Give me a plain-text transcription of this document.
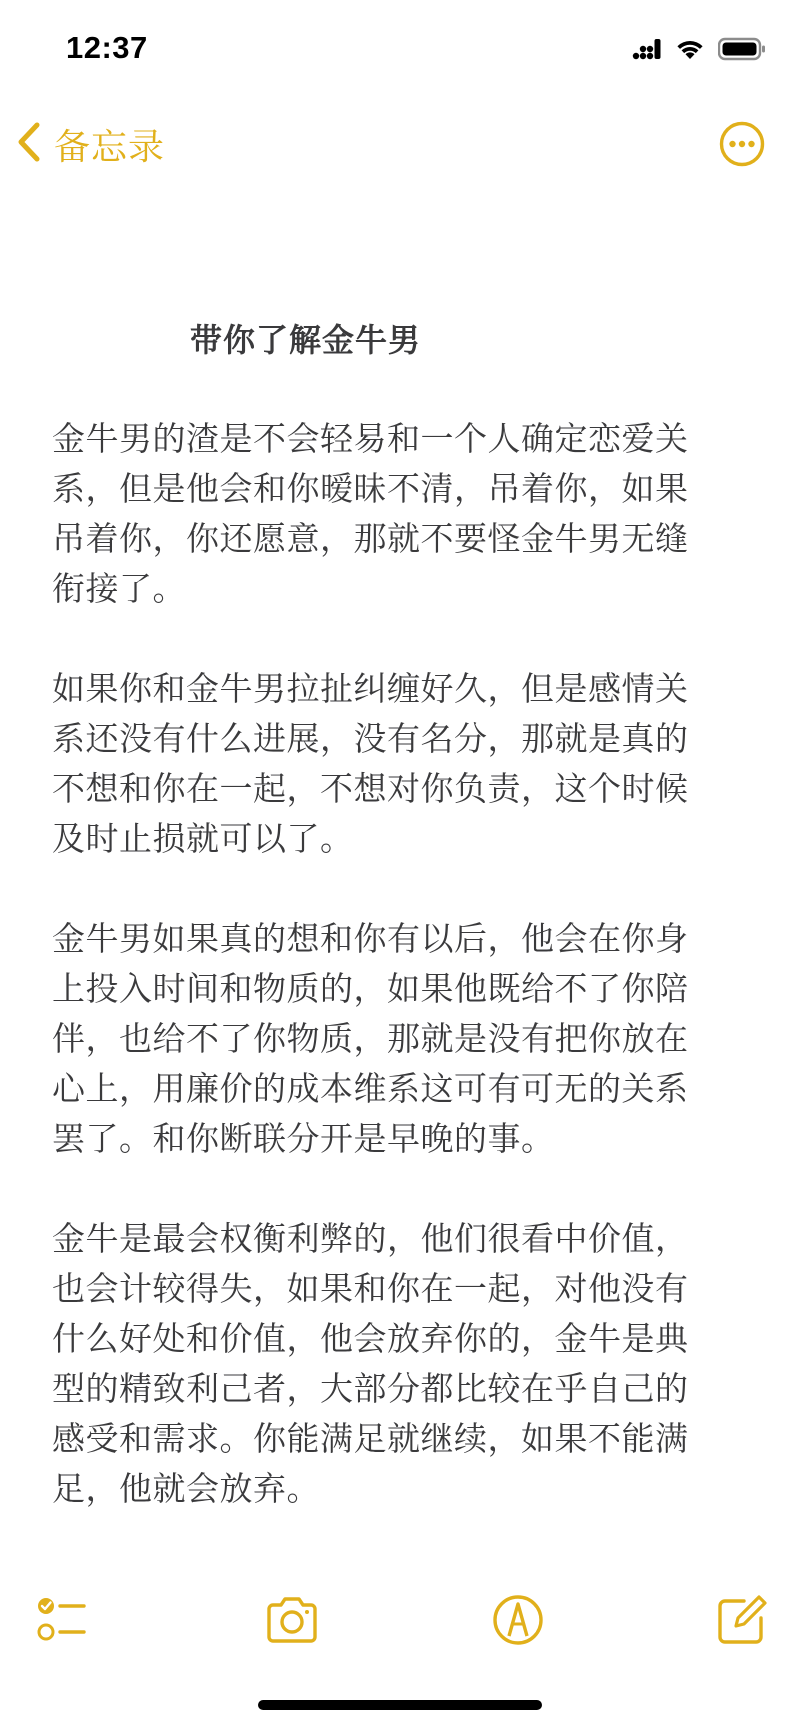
12:37
备忘录
带你了解金牛男

金牛男的渣是不会轻易和一个人确定恋爱关
系，但是他会和你暧昧不清，吊着你，如果
吊着你，你还愿意，那就不要怪金牛男无缝
衔接了。

如果你和金牛男拉扯纠缠好久，但是感情关
系还没有什么进展，没有名分，那就是真的
不想和你在一起，不想对你负责，这个时候
及时止损就可以了。

金牛男如果真的想和你有以后，他会在你身
上投入时间和物质的，如果他既给不了你陪
伴，也给不了你物质，那就是没有把你放在
心上，用廉价的成本维系这可有可无的关系
罢了。和你断联分开是早晚的事。

金牛是最会权衡利弊的，他们很看中价值，
也会计较得失，如果和你在一起，对他没有
什么好处和价值，他会放弃你的，金牛是典
型的精致利己者，大部分都比较在乎自己的
感受和需求。你能满足就继续，如果不能满
足，他就会放弃。
